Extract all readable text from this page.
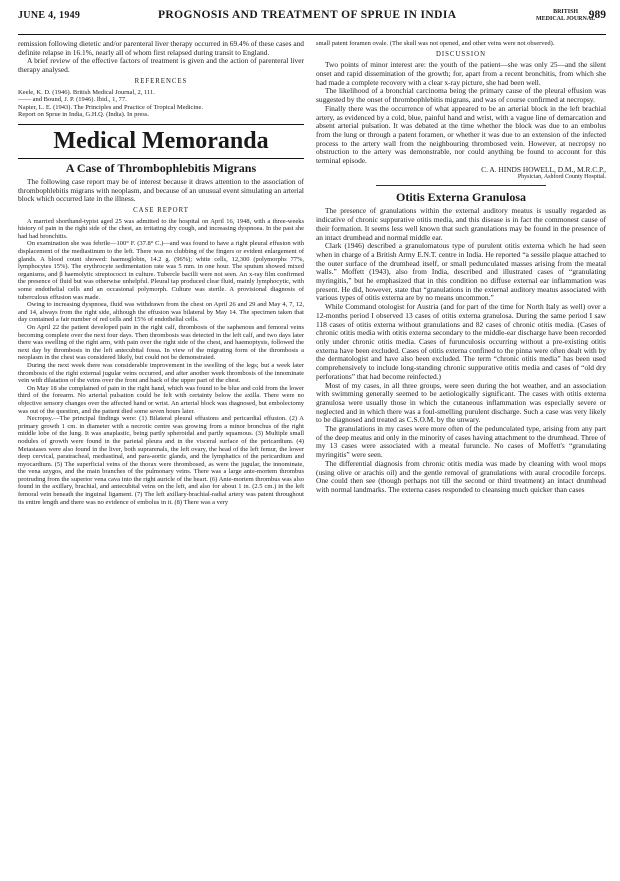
JUNE 4, 1949	PROGNOSIS AND TREATMENT OF SPRUE IN INDIA	BRITISH
MEDICAL JOURNAL
989

remission following dietetic and/or parenteral liver therapy occurred in 69.4% of these cases and definite relapse in 16.1%, nearly all of whom first relapsed during transit to England.

A brief review of the effective factors of treatment is given and the action of parenteral liver therapy analysed.

REFERENCES

Keele, K. D. (1946). British Medical Journal, 2, 111.

—— and Bound, J. P. (1946). Ibid., 1, 77.

Napier, L. E. (1943). The Principles and Practice of Tropical Medicine.

Report on Sprue in India, G.H.Q. (India). In press.

Medical Memoranda
A Case of Thrombophlebitis Migrans

The following case report may be of interest because it draws attention to the association of thrombophlebitis migrans with neoplasm, and because of an unusual event simulating an arterial block which occurred late in the illness.

CASE REPORT

A married shorthand-typist aged 25 was admitted to the hospital on April 16, 1948, with a three-weeks history of pain in the right side of the chest, an irritating dry cough, and increasing dyspnoea. In the past she had had bronchitis.

On examination she was febrile—100° F. (37.8° C.)—and was found to have a right pleural effusion with displacement of the mediastinum to the left. There was no clubbing of the fingers or evident enlargement of glands. A blood count showed: haemoglobin, 14.2 g. (96%); white cells, 12,300 (polymorphs 77%, lymphocytes 15%). The erythrocyte sedimentation rate was 5 mm. in one hour. The sputum showed mixed organisms, and β haemolytic streptococci in culture. Tubercle bacilli were not seen. An x-ray film confirmed the presence of fluid but was otherwise unhelpful. Pleural tap produced clear fluid, mainly lymphocytic, with some endothelial cells and an occasional polymorph. Culture was sterile. A provisional diagnosis of tuberculous effusion was made.

Owing to increasing dyspnoea, fluid was withdrawn from the chest on April 26 and 29 and May 4, 7, 12, and 14, always from the right side, although the effusion was bilateral by May 14. The specimen taken that day contained a fair number of red cells and 15% of endothelial cells.

On April 22 the patient developed pain in the right calf, thrombosis of the saphenous and femoral veins becoming complete over the next four days. Then thrombosis was detected in the left calf, and two days later there was swelling of the right arm, with pain over the right side of the chest, and haemoptysis, followed the next day by thrombosis in the left antecubital fossa. In view of the migrating form of the thrombosis a neoplasm in the chest was considered likely, but could not be demonstrated.

During the next week there was considerable improvement in the swelling of the legs; but a week later thrombosis of the right external jugular veins occurred, and after another week thrombosis of the innominate vein with dilatation of the veins over the front and back of the upper part of the chest.

On May 18 she complained of pain in the right hand, which was found to be blue and cold from the lower third of the forearm. No arterial pulsation could be felt with certainty below the axilla. There were no objective sensory changes over the affected hand or wrist. An arterial block was diagnosed, but embolectomy was out of the question, and the patient died some seven hours later.

Necropsy.—The principal findings were: (1) Bilateral pleural effusions and pericardial effusion. (2) A primary growth 1 cm. in diameter with a necrotic centre was growing from a minor bronchus of the right middle lobe of the lung. It was anaplastic, being partly spheroidal and partly squamous. (3) Multiple small nodules of growth were found in the parietal pleura and in the visceral surface of the pericardium. (4) Metastases were also found in the liver, both suprarenals, the left ovary, the head of the left femur, the lower deep cervical, paratracheal, mediastinal, and para-aortic glands, and the lymphatics of the pericardium and myocardium. (5) The superficial veins of the thorax were thrombosed, as were the jugular, the innominate, the vena azygos, and the main branches of the pulmonary veins. There was a large ante-mortem thrombus protruding from the superior vena cava into the right auricle of the heart. (6) Ante-mortem thrombus was also found in the axillary, brachial, and antecubital veins on the left, and also for about 1 in. (2.5 cm.) in the left femoral vein beneath the inguinal ligament. (7) The left axillary-brachial-radial artery was patent throughout its entire length and there was no evidence of embolus in it. (8) There was a very

small patent foramen ovale. (The skull was not opened, and other veins were not observed).

DISCUSSION

Two points of minor interest are: the youth of the patient—she was only 25—and the silent onset and rapid dissemination of the growth; for, apart from a recent bronchitis, from which she had made a complete recovery with a clear x-ray picture, she had been well.

The likelihood of a bronchial carcinoma being the primary cause of the pleural effusion was suggested by the onset of thrombophlebitis migrans, and was of course confirmed at necropsy.

Finally there was the occurrence of what appeared to be an arterial block in the left brachial artery, as evidenced by a cold, blue, painful hand and wrist, with a vague line of demarcation and absent arterial pulsation. It was debated at the time whether the block was due to an embolus from the lung or through a patent foramen, or whether it was due to an extension of the infected process to the artery wall from the neighbouring thrombosed vein. However, at necropsy no obstruction to the artery was demonstrable, nor could anything be found to account for this terminal episode.

C. A. HINDS HOWELL, D.M., M.R.C.P.,
Physician, Ashford County Hospital.
Otitis Externa Granulosa

The presence of granulations within the external auditory meatus is usually regarded as indicative of chronic suppurative otitis media, and this disease is in fact the commonest cause of their formation. It seems less well known that such granulations may be found in the presence of an intact drumhead and normal middle ear.

Clark (1946) described a granulomatous type of purulent otitis externa which he had seen when in charge of a British Army E.N.T. centre in India. He reported “a sessile plaque attached to the outer surface of the drumhead itself, or small pedunculated masses arising from the meatal walls.” Moffett (1943), also from India, described and illustrated cases of “granulating myringitis,” but he emphasized that in this condition no diffuse external ear inflammation was present. He did, however, state that “granulations in the external auditory meatus associated with various types of otitis externa are by no means uncommon.”

While Command otologist for Austria (and for part of the time for North Italy as well) over a 12-months period I observed 13 cases of otitis externa granulosa. During the same period I saw 118 cases of otitis externa without granulations and 82 cases of chronic otitis media. (Cases of chronic otitis media with otitis externa secondary to the middle-ear discharge have been recorded only under chronic otitis media. Cases of furunculosis occurring without a pre-existing otitis externa have been excluded. Cases of otitis externa confined to the pinna were often dealt with by the dermatologist and have also been excluded. The term “chronic otitis media” has been used comprehensively to include long-standing chronic suppurative otitis media and cases of “old dry perforations” that had become reinfected.)

Most of my cases, in all three groups, were seen during the hot weather, and an association with swimming generally seemed to be aetiologically significant. The cases with otitis externa granulosa were usually those in which the cutaneous inflammation was especially severe or neglected and in which there was a foul-smelling purulent discharge. Such a case was very likely to be diagnosed and treated as C.S.O.M. by the unwary.

The granulations in my cases were more often of the pedunculated type, arising from any part of the deep meatus and only in the minority of cases having attachment to the drumhead. Three of my 13 cases were associated with a meatal furuncle. No cases of Moffett's “granulating myringitis” were seen.

The differential diagnosis from chronic otitis media was made by cleaning with wool mops (using olive or arachis oil) and the gentle removal of granulations with aural crocodile forceps. One could then see (though perhaps not till the second or third treatment) an intact drumhead with normal landmarks. The externa cases responded to cleansing much quicker than cases
